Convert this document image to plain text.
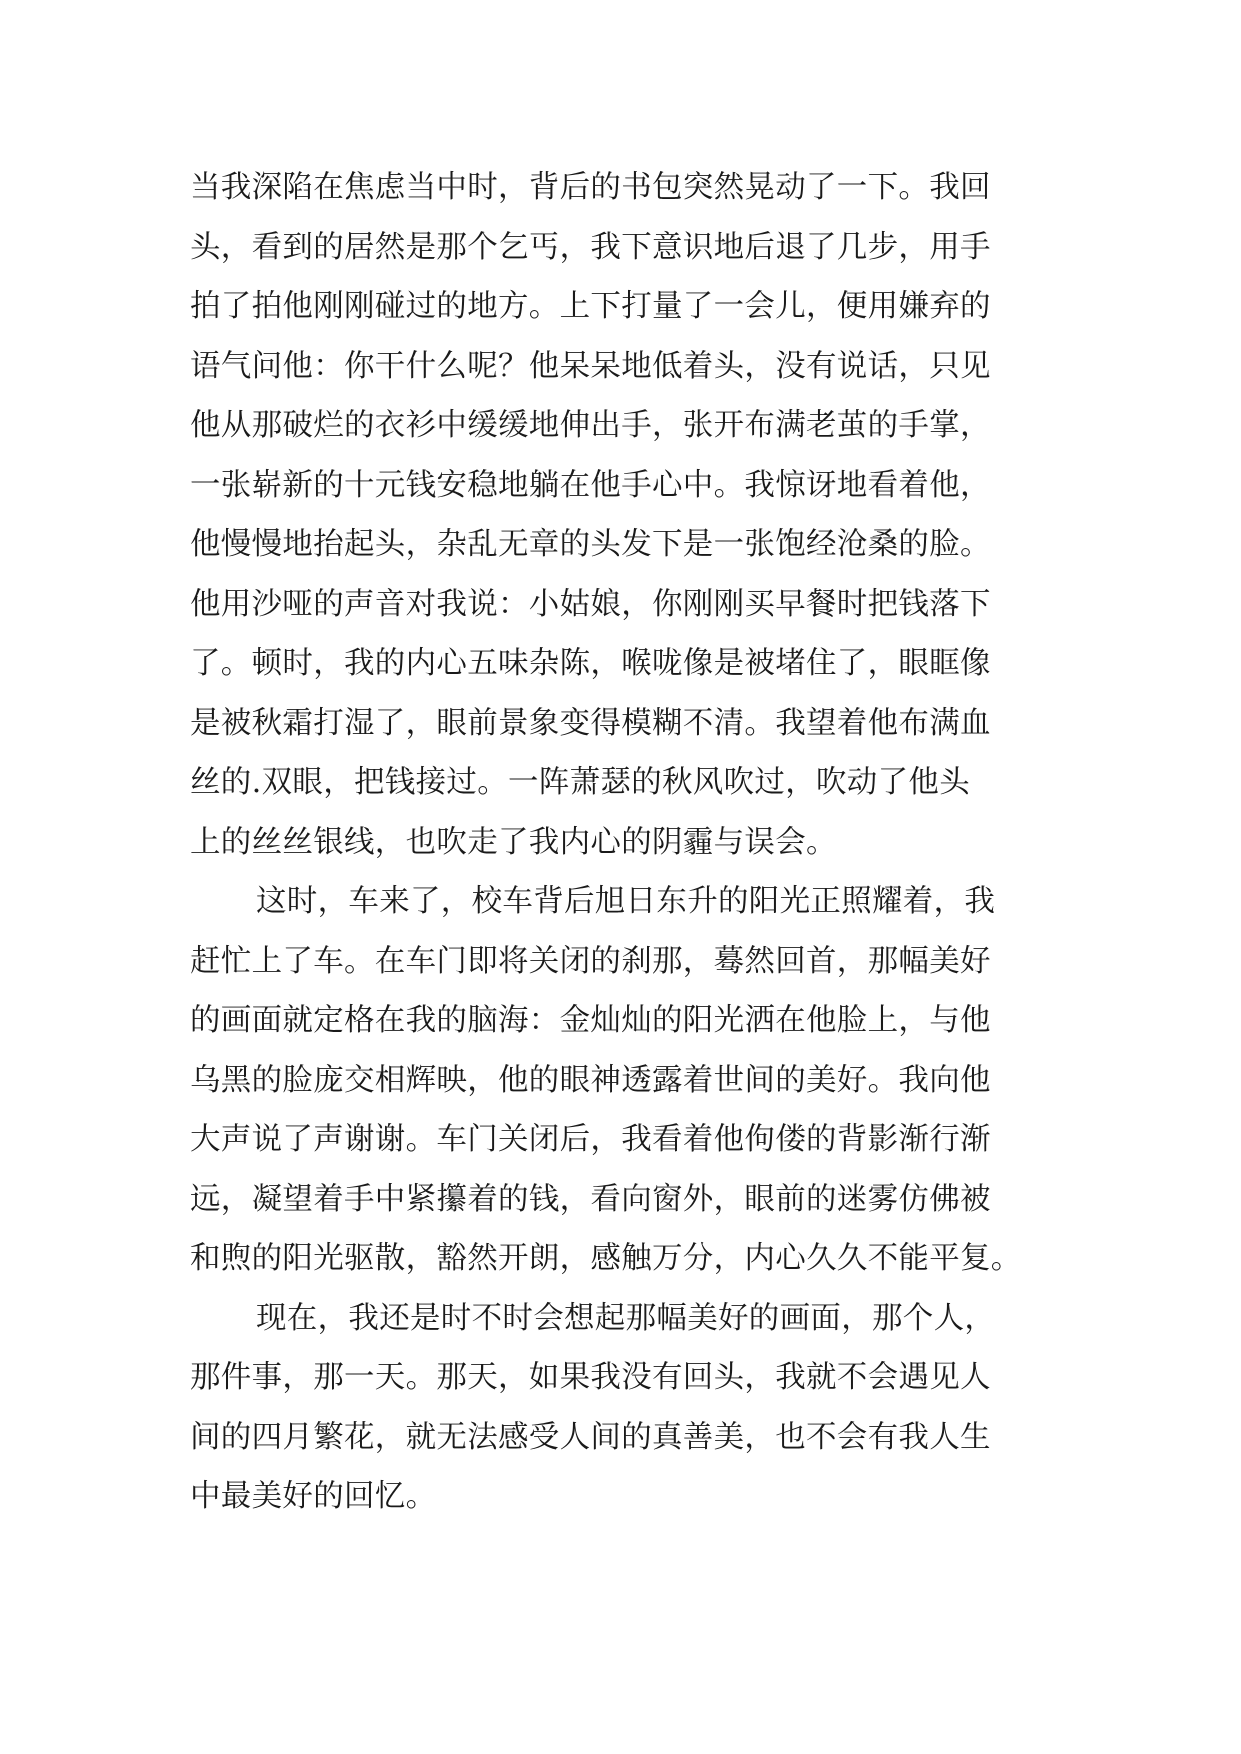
当我深陷在焦虑当中时，背后的书包突然晃动了一下。我回
头，看到的居然是那个乞丐，我下意识地后退了几步，用手
拍了拍他刚刚碰过的地方。上下打量了一会儿，便用嫌弃的
语气问他：你干什么呢？他呆呆地低着头，没有说话，只见
他从那破烂的衣衫中缓缓地伸出手，张开布满老茧的手掌，
一张崭新的十元钱安稳地躺在他手心中。我惊讶地看着他，
他慢慢地抬起头，杂乱无章的头发下是一张饱经沧桑的脸。
他用沙哑的声音对我说：小姑娘，你刚刚买早餐时把钱落下
了。顿时，我的内心五味杂陈，喉咙像是被堵住了，眼眶像
是被秋霜打湿了，眼前景象变得模糊不清。我望着他布满血
丝的.双眼，把钱接过。一阵萧瑟的秋风吹过，吹动了他头
上的丝丝银线，也吹走了我内心的阴霾与误会。
这时，车来了，校车背后旭日东升的阳光正照耀着，我
赶忙上了车。在车门即将关闭的刹那，蓦然回首，那幅美好
的画面就定格在我的脑海：金灿灿的阳光洒在他脸上，与他
乌黑的脸庞交相辉映，他的眼神透露着世间的美好。我向他
大声说了声谢谢。车门关闭后，我看着他佝偻的背影渐行渐
远，凝望着手中紧攥着的钱，看向窗外，眼前的迷雾仿佛被
和煦的阳光驱散，豁然开朗，感触万分，内心久久不能平复。
现在，我还是时不时会想起那幅美好的画面，那个人，
那件事，那一天。那天，如果我没有回头，我就不会遇见人
间的四月繁花，就无法感受人间的真善美，也不会有我人生
中最美好的回忆。
